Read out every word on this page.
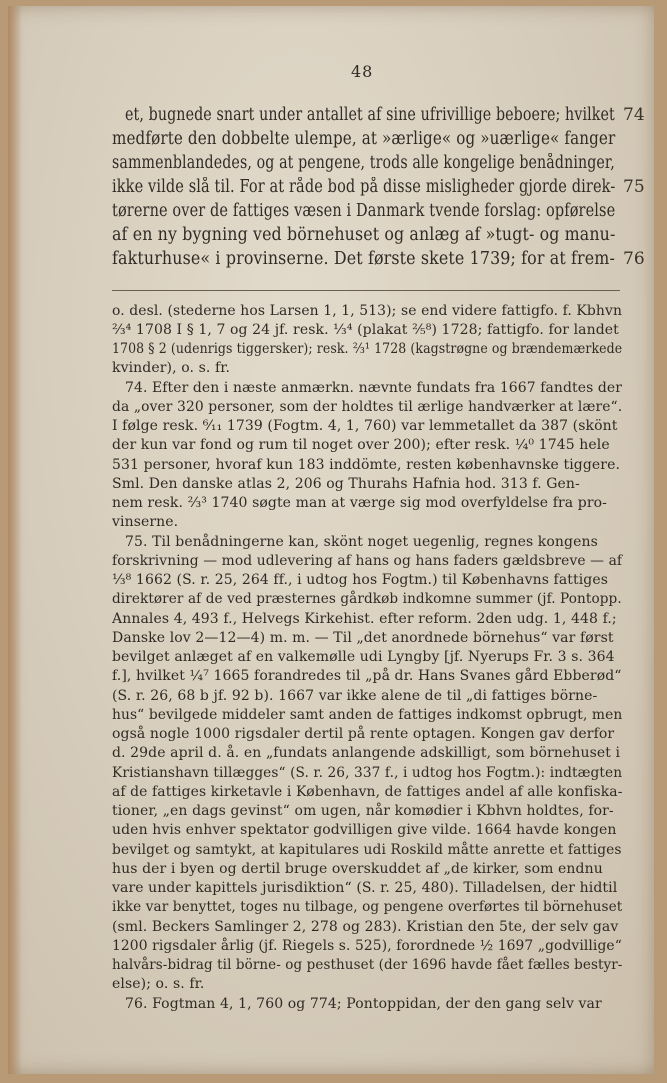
48
et, bugnede snart under antallet af sine ufrivillige beboere; hvilket
medførte den dobbelte ulempe, at »ærlige« og »uærlige« fanger
sammenblandedes, og at pengene, trods alle kongelige benådninger,
ikke vilde slå til. For at råde bod på disse misligheder gjorde direk-
tørerne over de fattiges væsen i Danmark tvende forslag: opførelse
af en ny bygning ved börnehuset og anlæg af »tugt- og manu-
fakturhuse« i provinserne. Det første skete 1739; for at frem-
74
75
76
o. desl. (stederne hos Larsen 1, 1, 513); se end videre fattigfo. f. Kbhvn
⅔⁴ 1708 I § 1, 7 og 24 jf. resk. ⅓⁴ (plakat ⅖⁸) 1728; fattigfo. for landet
1708 § 2 (udenrigs tiggersker); resk. ⅔¹ 1728 (kagstrøgne og brændemærkede
kvinder), o. s. fr.
74. Efter den i næste anmærkn. nævnte fundats fra 1667 fandtes der
da „over 320 personer, som der holdtes til ærlige handværker at lære“.
I følge resk. ⁶⁄₁₁ 1739 (Fogtm. 4, 1, 760) var lemmetallet da 387 (skönt
der kun var fond og rum til noget over 200); efter resk. ¼⁰ 1745 hele
531 personer, hvoraf kun 183 inddömte, resten københavnske tiggere.
Sml. Den danske atlas 2, 206 og Thurahs Hafnia hod. 313 f. Gen-
nem resk. ⅔³ 1740 søgte man at værge sig mod overfyldelse fra pro-
vinserne.
75. Til benådningerne kan, skönt noget uegenlig, regnes kongens
forskrivning — mod udlevering af hans og hans faders gældsbreve — af
⅓⁸ 1662 (S. r. 25, 264 ff., i udtog hos Fogtm.) til Københavns fattiges
direktører af de ved præsternes gårdkøb indkomne summer (jf. Pontopp.
Annales 4, 493 f., Helvegs Kirkehist. efter reform. 2den udg. 1, 448 f.;
Danske lov 2—12—4) m. m. — Til „det anordnede börnehus“ var først
bevilget anlæget af en valkemølle udi Lyngby [jf. Nyerups Fr. 3 s. 364
f.], hvilket ¼⁷ 1665 forandredes til „på dr. Hans Svanes gård Ebberød“
(S. r. 26, 68 b jf. 92 b). 1667 var ikke alene de til „di fattiges börne-
hus“ bevilgede middeler samt anden de fattiges indkomst opbrugt, men
også nogle 1000 rigsdaler dertil på rente optagen. Kongen gav derfor
d. 29de april d. å. en „fundats anlangende adskilligt, som börnehuset i
Kristianshavn tillægges“ (S. r. 26, 337 f., i udtog hos Fogtm.): indtægten
af de fattiges kirketavle i København, de fattiges andel af alle konfiska-
tioner, „en dags gevinst“ om ugen, når komødier i Kbhvn holdtes, for-
uden hvis enhver spektator godvilligen give vilde. 1664 havde kongen
bevilget og samtykt, at kapitulares udi Roskild måtte anrette et fattiges
hus der i byen og dertil bruge overskuddet af „de kirker, som endnu
vare under kapittels jurisdiktion“ (S. r. 25, 480). Tilladelsen, der hidtil
ikke var benyttet, toges nu tilbage, og pengene overførtes til börnehuset
(sml. Beckers Samlinger 2, 278 og 283). Kristian den 5te, der selv gav
1200 rigsdaler årlig (jf. Riegels s. 525), forordnede ½ 1697 „godvillige“
halvårs-bidrag til börne- og pesthuset (der 1696 havde fået fælles bestyr-
else); o. s. fr.
76. Fogtman 4, 1, 760 og 774; Pontoppidan, der den gang selv var
